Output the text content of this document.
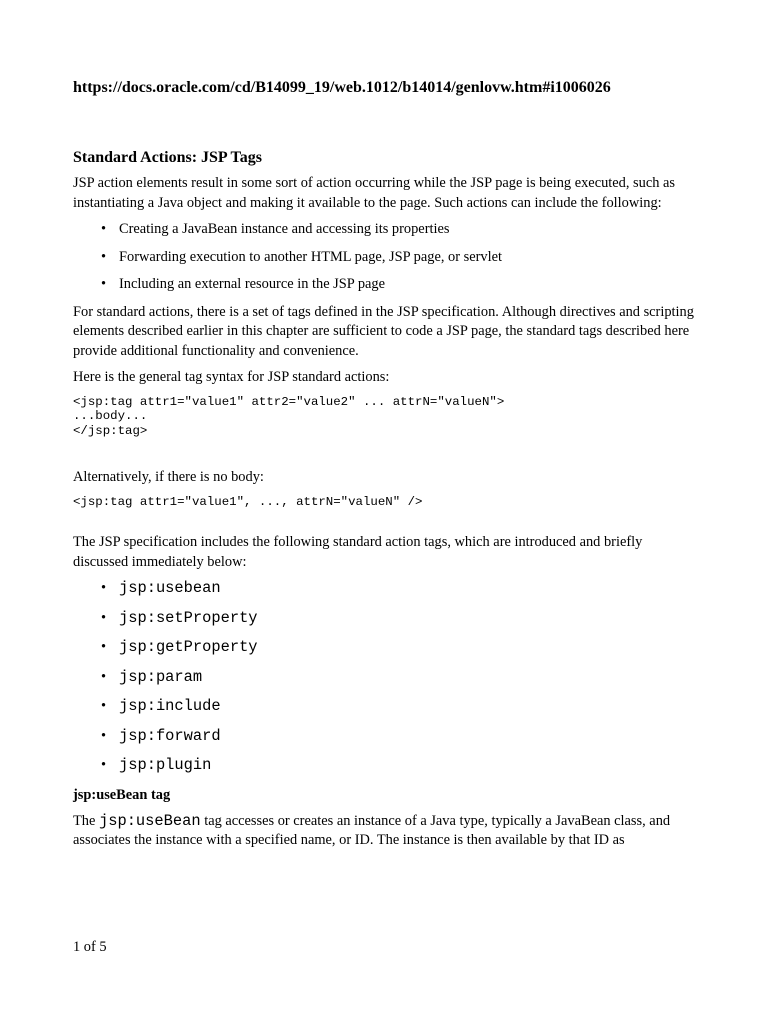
https://docs.oracle.com/cd/B14099_19/web.1012/b14014/genlovw.htm#i1006026

Standard Actions: JSP Tags

JSP action elements result in some sort of action occurring while the JSP page is being executed, such as instantiating a Java object and making it available to the page. Such actions can include the following:

• Creating a JavaBean instance and accessing its properties
• Forwarding execution to another HTML page, JSP page, or servlet
• Including an external resource in the JSP page

For standard actions, there is a set of tags defined in the JSP specification. Although directives and scripting elements described earlier in this chapter are sufficient to code a JSP page, the standard tags described here provide additional functionality and convenience.

Here is the general tag syntax for JSP standard actions:

<jsp:tag attr1="value1" attr2="value2" ... attrN="valueN">
...body...
</jsp:tag>

Alternatively, if there is no body:

<jsp:tag attr1="value1", ..., attrN="valueN" />

The JSP specification includes the following standard action tags, which are introduced and briefly discussed immediately below:

• jsp:usebean
• jsp:setProperty
• jsp:getProperty
• jsp:param
• jsp:include
• jsp:forward
• jsp:plugin
jsp:useBean tag

The jsp:useBean tag accesses or creates an instance of a Java type, typically a JavaBean class, and associates the instance with a specified name, or ID. The instance is then available by that ID as

1 of 5
